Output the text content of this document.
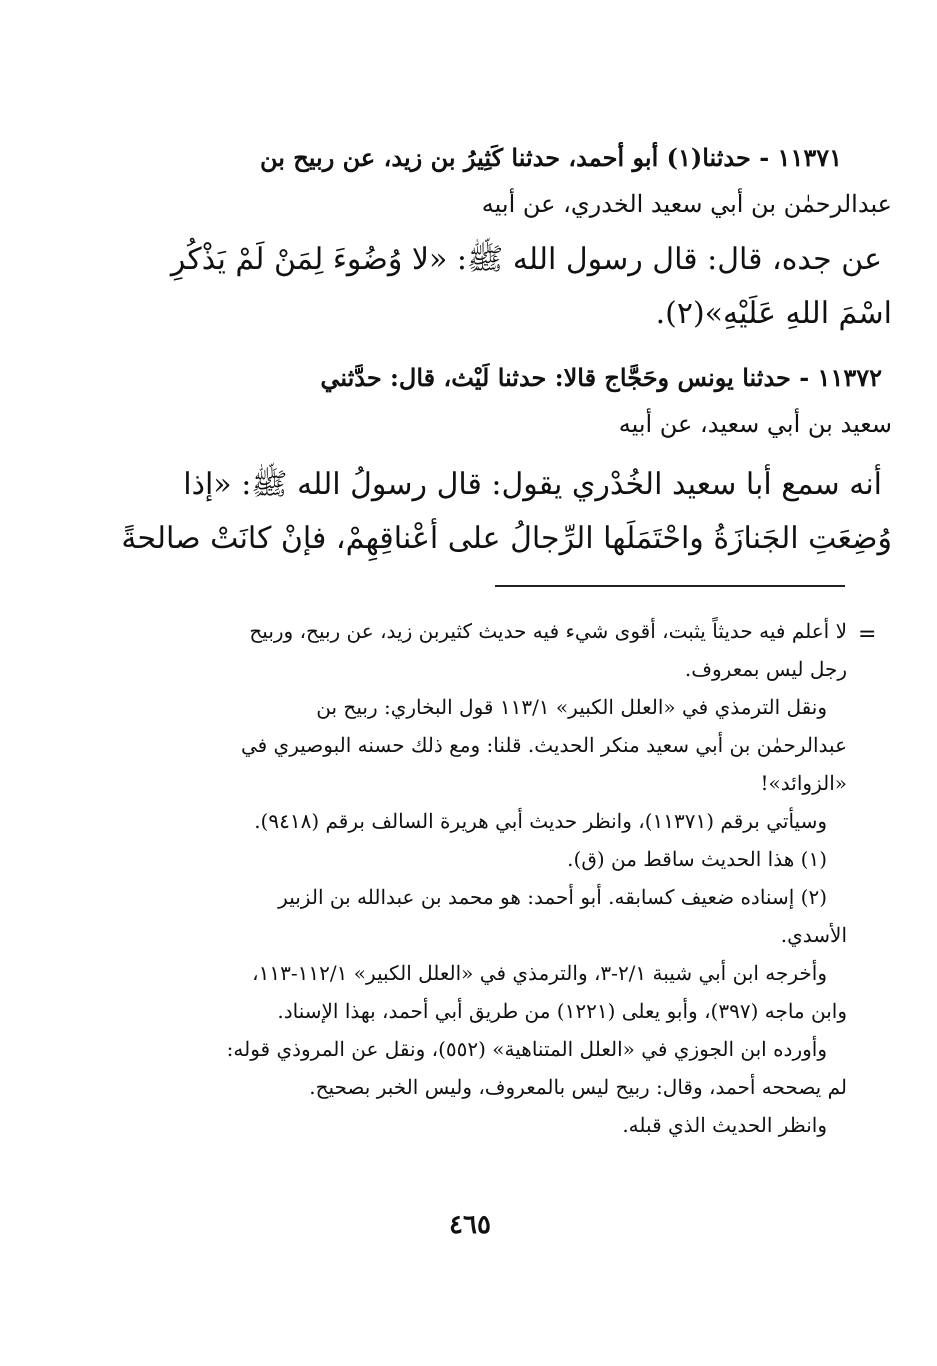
١١٣٧١ - حدثنا(١) أبو أحمد، حدثنا كَثِيرُ بن زيد، عن ربيح بن
عبدالرحمٰن بن أبي سعيد الخدري، عن أبيه
عن جده، قال: قال رسول الله ﷺ: «لا وُضُوءَ لِمَنْ لَمْ يَذْكُرِ
اسْمَ اللهِ عَلَيْهِ»(٢).
١١٣٧٢ - حدثنا يونس وحَجَّاج قالا: حدثنا لَيْث، قال: حدَّثني
سعيد بن أبي سعيد، عن أبيه
أنه سمع أبا سعيد الخُدْري يقول: قال رسولُ الله ﷺ: «إذا
وُضِعَتِ الجَنازَةُ واحْتَمَلَها الرِّجالُ على أعْناقِهِمْ، فإنْ كانَتْ صالحةً
=
لا أعلم فيه حديثاً يثبت، أقوى شيء فيه حديث كثيربن زيد، عن ربيح، وربيح
رجل ليس بمعروف.
ونقل الترمذي في «العلل الكبير» ١١٣/١ قول البخاري: ربيح بن
عبدالرحمٰن بن أبي سعيد منكر الحديث. قلنا: ومع ذلك حسنه البوصيري في
«الزوائد»!
وسيأتي برقم (١١٣٧١)، وانظر حديث أبي هريرة السالف برقم (٩٤١٨).
(١) هذا الحديث ساقط من (ق).
(٢) إسناده ضعيف كسابقه. أبو أحمد: هو محمد بن عبدالله بن الزبير
الأسدي.
وأخرجه ابن أبي شيبة ٢/١-٣، والترمذي في «العلل الكبير» ١١٢/١-١١٣،
وابن ماجه (٣٩٧)، وأبو يعلى (١٢٢١) من طريق أبي أحمد، بهذا الإسناد.
وأورده ابن الجوزي في «العلل المتناهية» (٥٥٢)، ونقل عن المروذي قوله:
لم يصححه أحمد، وقال: ربيح ليس بالمعروف، وليس الخبر بصحيح.
وانظر الحديث الذي قبله.
٤٦٥
